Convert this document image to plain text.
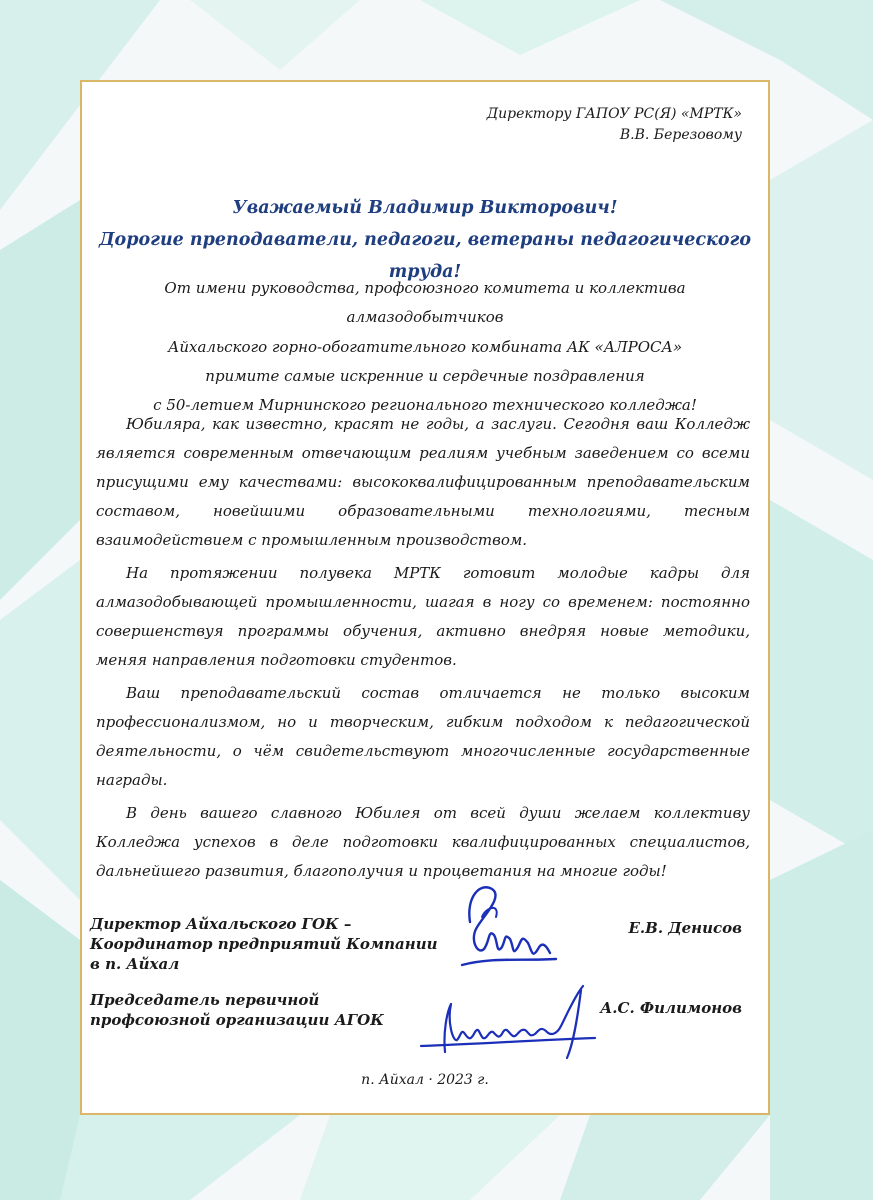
Директору ГАПОУ РС(Я) «МРТК»
В.В. Березовому
Уважаемый Владимир Викторович!
Дорогие преподаватели, педагоги, ветераны педагогического труда!
От имени руководства, профсоюзного комитета и коллектива алмазодобытчиков
Айхальского горно-обогатительного комбината АК «АЛРОСА»
примите самые искренние и сердечные поздравления
с 50-летием Мирнинского регионального технического колледжа!

Юбиляра, как известно, красят не годы, а заслуги. Сегодня ваш Колледж является современным отвечающим реалиям учебным заведением со всеми присущими ему качествами: высококвалифицированным преподавательским составом, новейшими образовательными технологиями, тесным взаимодействием с промышленным производством.

На протяжении полувека МРТК готовит молодые кадры для алмазодобывающей промышленности, шагая в ногу со временем: постоянно совершенствуя программы обучения, активно внедряя новые методики, меняя направления подготовки студентов.

Ваш преподавательский состав отличается не только высоким профессионализмом, но и творческим, гибким подходом к педагогической деятельности, о чём свидетельствуют многочисленные государственные награды.

В день вашего славного Юбилея от всей души желаем коллективу Колледжа успехов в деле подготовки квалифицированных специалистов, дальнейшего развития, благополучия и процветания на многие годы!

Директор Айхальского ГОК –
Координатор предприятий Компании
в п. Айхал
Е.В. Денисов
Председатель первичной
профсоюзной организации АГОК
А.С. Филимонов
п. Айхал · 2023 г.
